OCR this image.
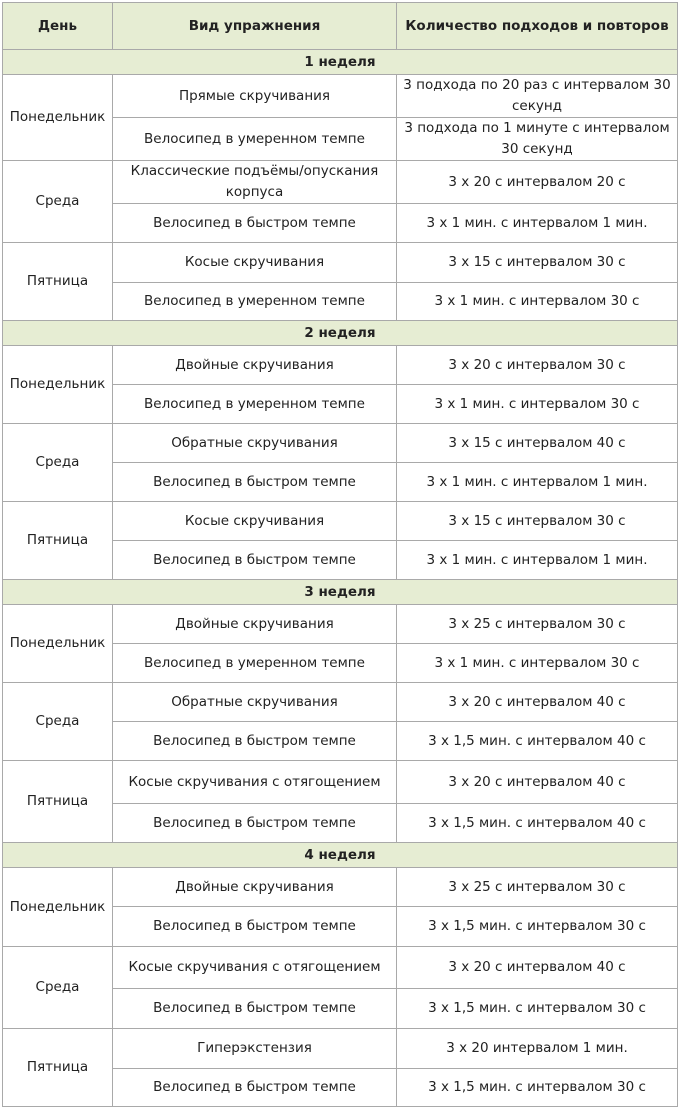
День	Вид упражнения	Количество подходов и повторов
1 неделя		
Понедельник	Прямые скручивания	3 подхода по 20 раз с интервалом 30 секунд
	Велосипед в умеренном темпе	3 подхода по 1 минуте с интервалом 30 секунд
Среда	Классические подъёмы/опускания корпуса	3 х 20 с интервалом 20 с
	Велосипед в быстром темпе	3 х 1 мин. с интервалом 1 мин.
Пятница	Косые скручивания	3 х 15 с интервалом 30 с
	Велосипед в умеренном темпе	3 х 1 мин. с интервалом 30 с
2 неделя		
Понедельник	Двойные скручивания	3 х 20 с интервалом 30 с
	Велосипед в умеренном темпе	3 х 1 мин. с интервалом 30 с
Среда	Обратные скручивания	3 х 15 с интервалом 40 с
	Велосипед в быстром темпе	3 х 1 мин. с интервалом 1 мин.
Пятница	Косые скручивания	3 х 15 с интервалом 30 с
	Велосипед в быстром темпе	3 х 1 мин. с интервалом 1 мин.
3 неделя		
Понедельник	Двойные скручивания	3 х 25 с интервалом 30 с
	Велосипед в умеренном темпе	3 х 1 мин. с интервалом 30 с
Среда	Обратные скручивания	3 х 20 с интервалом 40 с
	Велосипед в быстром темпе	3 х 1,5 мин. с интервалом 40 с
Пятница	Косые скручивания с отягощением	3 х 20 с интервалом 40 с
	Велосипед в быстром темпе	3 х 1,5 мин. с интервалом 40 с
4 неделя		
Понедельник	Двойные скручивания	3 х 25 с интервалом 30 с
	Велосипед в быстром темпе	3 х 1,5 мин. с интервалом 30 с
Среда	Косые скручивания с отягощением	3 х 20 с интервалом 40 с
	Велосипед в быстром темпе	3 х 1,5 мин. с интервалом 30 с
Пятница	Гиперэкстензия	3 х 20 интервалом 1 мин.
	Велосипед в быстром темпе	3 х 1,5 мин. с интервалом 30 с
